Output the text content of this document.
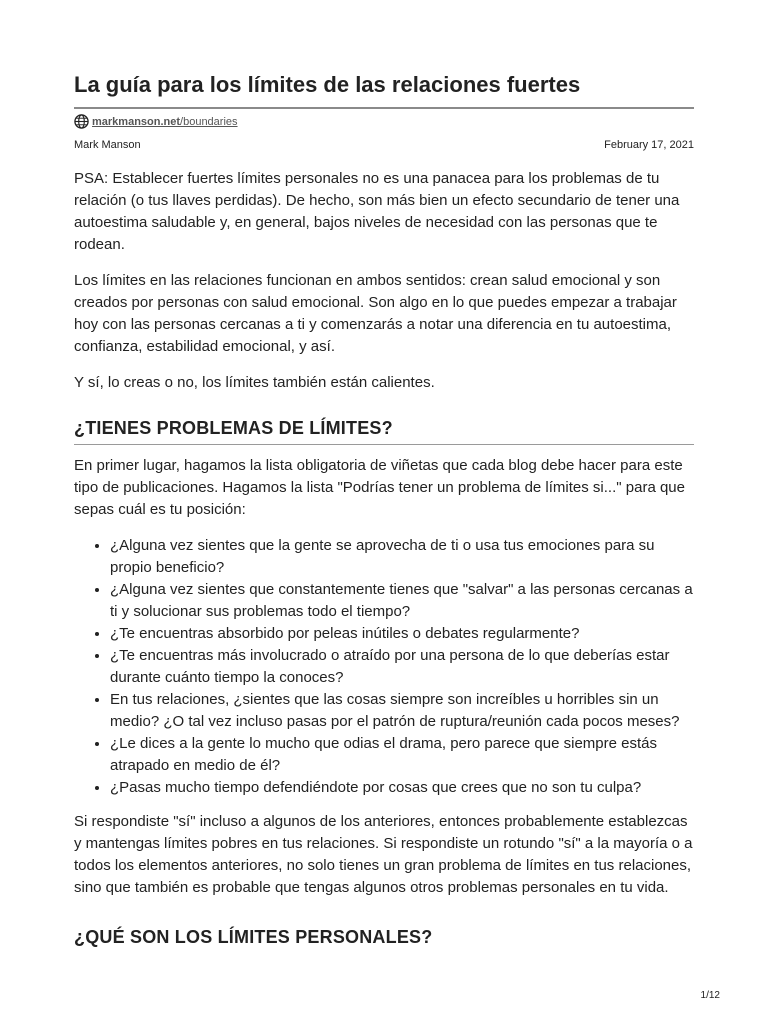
La guía para los límites de las relaciones fuertes
markmanson.net/boundaries
Mark Manson	February 17, 2021

PSA: Establecer fuertes límites personales no es una panacea para los problemas de tu relación (o tus llaves perdidas). De hecho, son más bien un efecto secundario de tener una autoestima saludable y, en general, bajos niveles de necesidad con las personas que te rodean.

Los límites en las relaciones funcionan en ambos sentidos: crean salud emocional y son creados por personas con salud emocional. Son algo en lo que puedes empezar a trabajar hoy con las personas cercanas a ti y comenzarás a notar una diferencia en tu autoestima, confianza, estabilidad emocional, y así.

Y sí, lo creas o no, los límites también están calientes.

¿TIENES PROBLEMAS DE LÍMITES?

En primer lugar, hagamos la lista obligatoria de viñetas que cada blog debe hacer para este tipo de publicaciones. Hagamos la lista "Podrías tener un problema de límites si..." para que sepas cuál es tu posición:

• ¿Alguna vez sientes que la gente se aprovecha de ti o usa tus emociones para su propio beneficio?
• ¿Alguna vez sientes que constantemente tienes que "salvar" a las personas cercanas a ti y solucionar sus problemas todo el tiempo?
• ¿Te encuentras absorbido por peleas inútiles o debates regularmente?
• ¿Te encuentras más involucrado o atraído por una persona de lo que deberías estar durante cuánto tiempo la conoces?
• En tus relaciones, ¿sientes que las cosas siempre son increíbles u horribles sin un medio? ¿O tal vez incluso pasas por el patrón de ruptura/reunión cada pocos meses?
• ¿Le dices a la gente lo mucho que odias el drama, pero parece que siempre estás atrapado en medio de él?
• ¿Pasas mucho tiempo defendiéndote por cosas que crees que no son tu culpa?

Si respondiste "sí" incluso a algunos de los anteriores, entonces probablemente establezcas y mantengas límites pobres en tus relaciones. Si respondiste un rotundo "sí" a la mayoría o a todos los elementos anteriores, no solo tienes un gran problema de límites en tus relaciones, sino que también es probable que tengas algunos otros problemas personales en tu vida.

¿QUÉ SON LOS LÍMITES PERSONALES?
1/12
